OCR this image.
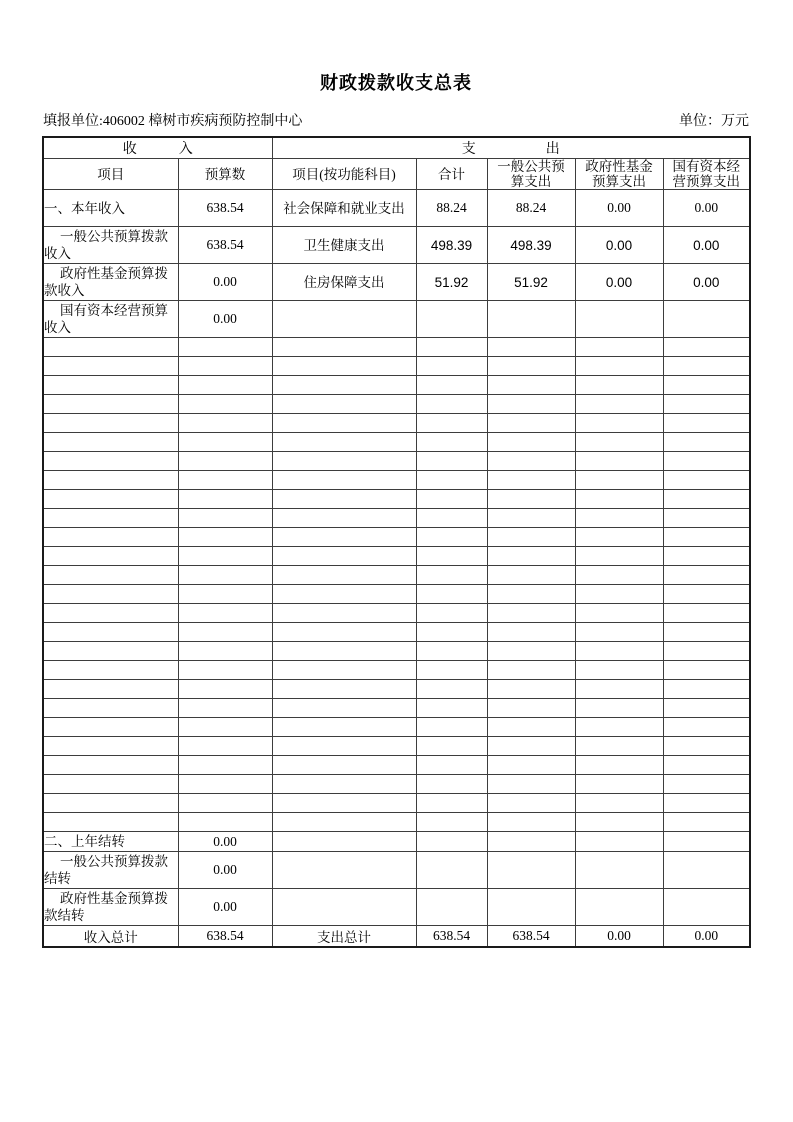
财政拨款收支总表
填报单位:406002 樟树市疾病预防控制中心	单位：万元
收　　　入		支　　　　　出				
项目	预算数	项目(按功能科目)	合计	一般公共预算支出	政府性基金预算支出	国有资本经营预算支出
一、本年收入	638.54	社会保障和就业支出	88.24	88.24	0.00	0.00
一般公共预算拨款收入	638.54	卫生健康支出	498.39	498.39	0.00	0.00
政府性基金预算拨款收入	0.00	住房保障支出	51.92	51.92	0.00	0.00
国有资本经营预算收入	0.00					

二、上年结转	0.00					
一般公共预算拨款结转	0.00					
政府性基金预算拨款结转	0.00					
收入总计	638.54	支出总计	638.54	638.54	0.00	0.00
